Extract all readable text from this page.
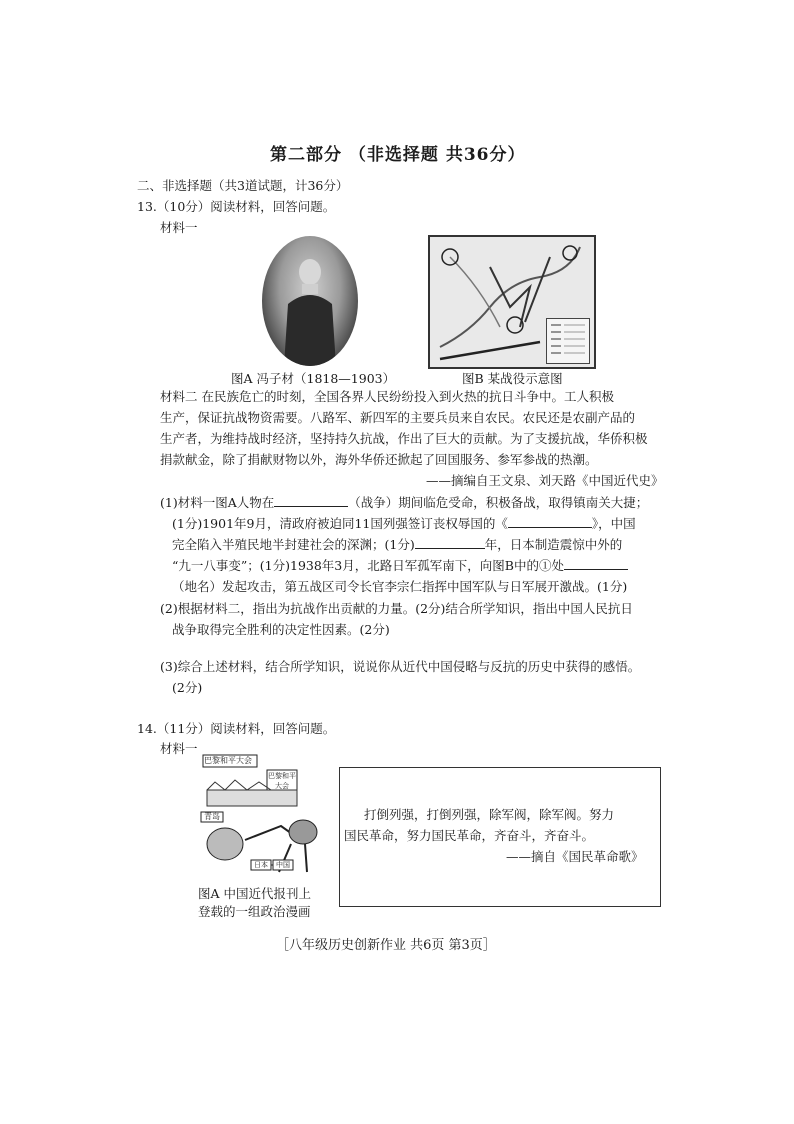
第二部分 （非选择题 共36分）
二、非选择题（共3道试题，计36分）
13.（10分）阅读材料，回答问题。
材料一
图A 冯子材（1818—1903）	图B 某战役示意图
材料二 在民族危亡的时刻，全国各界人民纷纷投入到火热的抗日斗争中。工人积极
生产，保证抗战物资需要。八路军、新四军的主要兵员来自农民。农民还是农副产品的
生产者，为维持战时经济，坚持持久抗战，作出了巨大的贡献。为了支援抗战，华侨积极
捐款献金，除了捐献财物以外，海外华侨还掀起了回国服务、参军参战的热潮。
——摘编自王文泉、刘天路《中国近代史》
(1)材料一图A人物在	（战争）期间临危受命，积极备战，取得镇南关大捷；
(1分)1901年9月，清政府被迫同11国列强签订丧权辱国的《	》，中国
完全陷入半殖民地半封建社会的深渊；(1分)	年，日本制造震惊中外的
“九一八事变”；(1分)1938年3月，北路日军孤军南下，向图B中的①处
（地名）发起攻击，第五战区司令长官李宗仁指挥中国军队与日军展开激战。(1分)
(2)根据材料二，指出为抗战作出贡献的力量。(2分)结合所学知识，指出中国人民抗日
战争取得完全胜利的决定性因素。(2分)
(3)综合上述材料，结合所学知识，说说你从近代中国侵略与反抗的历史中获得的感悟。
(2分)
14.（11分）阅读材料，回答问题。
材料一
巴黎和平大会
巴黎和平大会
青岛
日本 中国
图A 中国近代报刊上
登载的一组政治漫画
打倒列强，打倒列强，除军阀，除军阀。努力
国民革命，努力国民革命，齐奋斗，齐奋斗。
——摘自《国民革命歌》
［八年级历史创新作业 共6页 第3页］
